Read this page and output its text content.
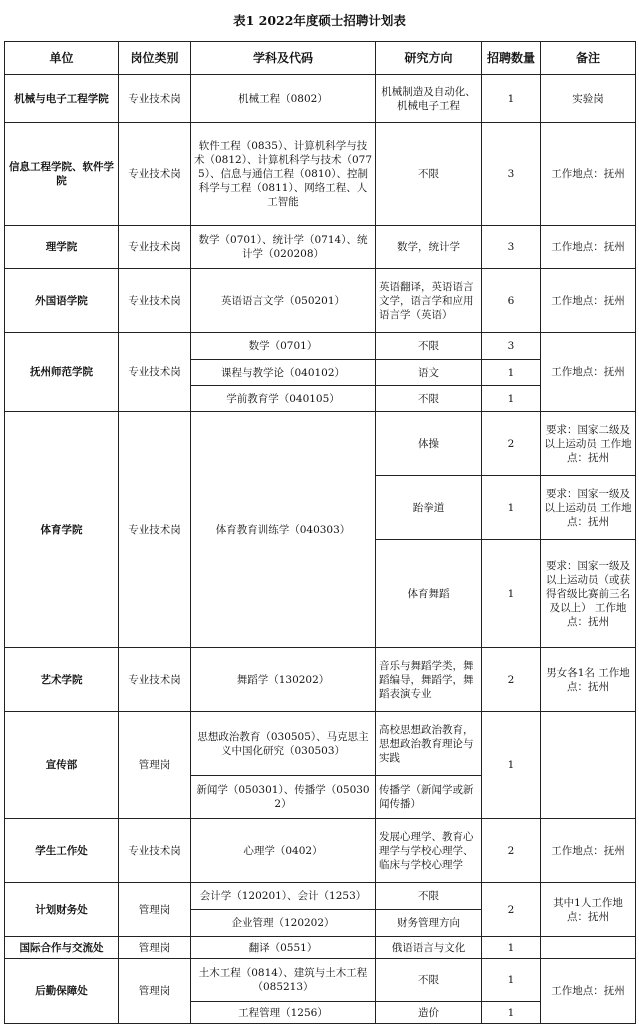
表1 2022年度硕士招聘计划表
单位	岗位类别	学科及代码	研究方向	招聘数量	备注
机械与电子工程学院	专业技术岗	机械工程（0802）	机械制造及自动化、机械电子工程	1	实验岗
信息工程学院、软件学院	专业技术岗	软件工程（0835）、计算机科学与技术（0812）、计算机科学与技术（0775）、信息与通信工程（0810）、控制科学与工程（0811）、网络工程、人工智能	不限	3	工作地点：抚州
理学院	专业技术岗	数学（0701）、统计学（0714）、统计学（020208）	数学，统计学	3	工作地点：抚州
外国语学院	专业技术岗	英语语言文学（050201）	英语翻译，英语语言文学，语言学和应用语言学（英语）	6	工作地点：抚州
抚州师范学院	专业技术岗	数学（0701）	不限	3	工作地点：抚州
		课程与教学论（040102）	语文	1	
		学前教育学（040105）	不限	1	
体育学院	专业技术岗	体育教育训练学（040303）	体操	2	要求：国家二级及以上运动员 工作地点：抚州
			跆拳道	1	要求：国家一级及以上运动员 工作地点：抚州
			体育舞蹈	1	要求：国家一级及以上运动员（或获得省级比赛前三名及以上） 工作地点：抚州
艺术学院	专业技术岗	舞蹈学（130202）	音乐与舞蹈学类，舞蹈编导，舞蹈学，舞蹈表演专业	2	男女各1名 工作地点：抚州
宣传部	管理岗	思想政治教育（030505）、马克思主义中国化研究（030503）	高校思想政治教育，思想政治教育理论与实践	1	
		新闻学（050301）、传播学（050302）	传播学（新闻学或新闻传播）		
学生工作处	专业技术岗	心理学（0402）	发展心理学、教育心理学与学校心理学、临床与学校心理学	2	工作地点：抚州
计划财务处	管理岗	会计学（120201）、会计（1253）	不限	2	其中1人工作地点：抚州
		企业管理（120202）	财务管理方向		
国际合作与交流处	管理岗	翻译（0551）	俄语语言与文化	1	
后勤保障处	管理岗	土木工程（0814）、建筑与土木工程（085213）	不限	1	工作地点：抚州
		工程管理（1256）	造价	1	
